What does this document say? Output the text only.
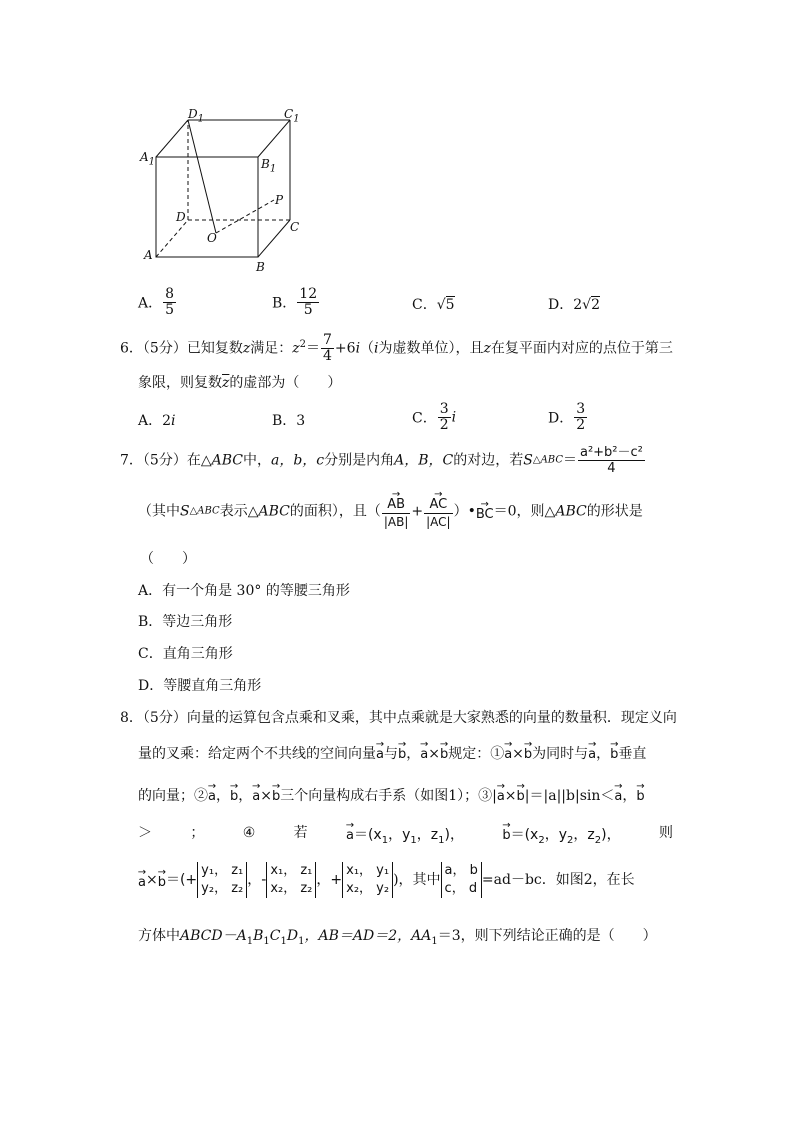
$D_1$	$C_1$
$A_1$	$B_1$
D
P
O
C
A
B
A． $\frac{8}{5}$	B． $\frac{12}{5}$	C．√5	D．2√2
6．（5分）已知复数z满足：$z^2= \frac{7}{4} +6i(i$为虚数单位），且z在复平面内对应的点位于第三
象限，则复数$\overline{z}$的虚部为（　　）
A．2i	B．3	C． $\frac{3}{2}$ i	D． $\frac{3}{2}$
7．（5分）在△ABC中，a，b，c分别是内角A，B，C的对边，若S△ABC＝ $\frac{\text{a²+b²－c²}}{4}$
（其中S△ABC表示△ABC的面积），且（ → $\frac{AB}{|AB|}$ + → $\frac{AC}{|AC|}$ ）•→ BC＝0，则△ABC的形状是
（　　）
A．有一个角是 30° 的等腰三角形
B．等边三角形
C．直角三角形
D．等腰直角三角形
8．（5分）向量的运算包含点乘和叉乘，其中点乘就是大家熟悉的向量的数量积．现定义向
量的叉乘：给定两个不共线的空间向量→ a与→ b，→ a×→ b规定：①→ a×→ b为同时与→ a，→ b垂直
的向量；②→ a，→ b，→ a×→ b三个向量构成右手系（如图1）；③|→ a×→ b|＝|a||b|sin＜→ a，→ b
＞	；	④	若	→ $a=(x_1$，$y_1$，$z_1$)，	→ $b=(x_2$，$y_2$，$z_2$)，	则
→ a×→ b＝(+
y₁， z₁
y₂， z₂
，-
x₁， z₁
x₂， z₂
，+
x₁， y₁
x₂， y₂
)，其中
a， b
c， d
=ad－bc．如图2，在长
方体中$ABCD-A_1B_1C_1D_1$，AB＝AD＝2，$AA_1=3$，则下列结论正确的是（　　）
